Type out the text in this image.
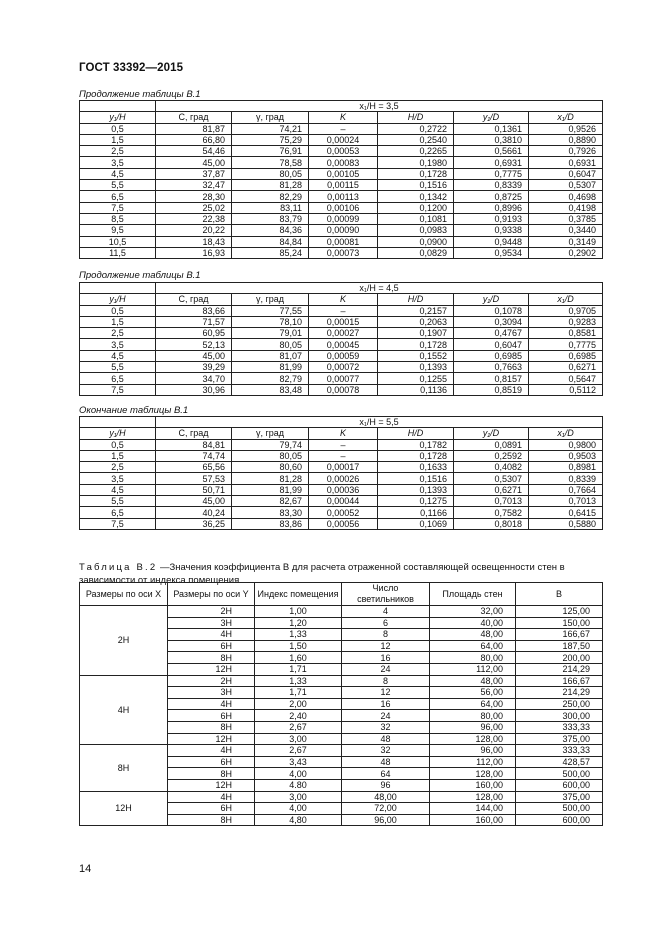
ГОСТ 33392—2015
Продолжение таблицы В.1
	x₁/H = 3,5					
y₁/H	C, град	γ, град	K	H/D	y₁/D	x₁/D
0,5	81,87	74,21	–	0,2722	0,1361	0,9526
1,5	66,80	75,29	0,00024	0,2540	0,3810	0,8890
2,5	54,46	76,91	0,00053	0,2265	0,5661	0,7926
3,5	45,00	78,58	0,00083	0,1980	0,6931	0,6931
4,5	37,87	80,05	0,00105	0,1728	0,7775	0,6047
5,5	32,47	81,28	0,00115	0,1516	0,8339	0,5307
6,5	28,30	82,29	0,00113	0,1342	0,8725	0,4698
7,5	25,02	83,11	0,00106	0,1200	0,8996	0,4198
8,5	22,38	83,79	0,00099	0,1081	0,9193	0,3785
9,5	20,22	84,36	0,00090	0,0983	0,9338	0,3440
10,5	18,43	84,84	0,00081	0,0900	0,9448	0,3149
11,5	16,93	85,24	0,00073	0,0829	0,9534	0,2902
Продолжение таблицы В.1
	x₁/H = 4,5					
y₁/H	C, град	γ, град	K	H/D	y₁/D	x₁/D
0,5	83,66	77,55	–	0,2157	0,1078	0,9705
1,5	71,57	78,10	0,00015	0,2063	0,3094	0,9283
2,5	60,95	79,01	0,00027	0,1907	0,4767	0,8581
3,5	52,13	80,05	0,00045	0,1728	0,6047	0,7775
4,5	45,00	81,07	0,00059	0,1552	0,6985	0,6985
5,5	39,29	81,99	0,00072	0,1393	0,7663	0,6271
6,5	34,70	82,79	0,00077	0,1255	0,8157	0,5647
7,5	30,96	83,48	0,00078	0,1136	0,8519	0,5112
Окончание таблицы В.1
	x₁/H = 5,5					
y₁/H	C, град	γ, град	K	H/D	y₁/D	x₁/D
0,5	84,81	79,74	–	0,1782	0,0891	0,9800
1,5	74,74	80,05	–	0,1728	0,2592	0,9503
2,5	65,56	80,60	0,00017	0,1633	0,4082	0,8981
3,5	57,53	81,28	0,00026	0,1516	0,5307	0,8339
4,5	50,71	81,99	0,00036	0,1393	0,6271	0,7664
5,5	45,00	82,67	0,00044	0,1275	0,7013	0,7013
6,5	40,24	83,30	0,00052	0,1166	0,7582	0,6415
7,5	36,25	83,86	0,00056	0,1069	0,8018	0,5880
Таблица В.2 —Значения коэффициента B для расчета отраженной составляющей освещенности стен в зависимости от индекса помещения
Размеры по оси X	Размеры по оси Y	Индекс помещения	Число светильников	Площадь стен	B
2H	2H	1,00	4	32,00	125,00
	3H	1,20	6	40,00	150,00
	4H	1,33	8	48,00	166,67
	6H	1,50	12	64,00	187,50
	8H	1,60	16	80,00	200,00
	12H	1,71	24	112,00	214,29
4H	2H	1,33	8	48,00	166,67
	3H	1,71	12	56,00	214,29
	4H	2,00	16	64,00	250,00
	6H	2,40	24	80,00	300,00
	8H	2,67	32	96,00	333,33
	12H	3,00	48	128,00	375,00
8H	4H	2,67	32	96,00	333,33
	6H	3,43	48	112,00	428,57
	8H	4,00	64	128,00	500,00
	12H	4.80	96	160,00	600,00
12H	4H	3,00	48,00	128,00	375,00
	6H	4,00	72,00	144,00	500,00
	8H	4,80	96,00	160,00	600,00
14
